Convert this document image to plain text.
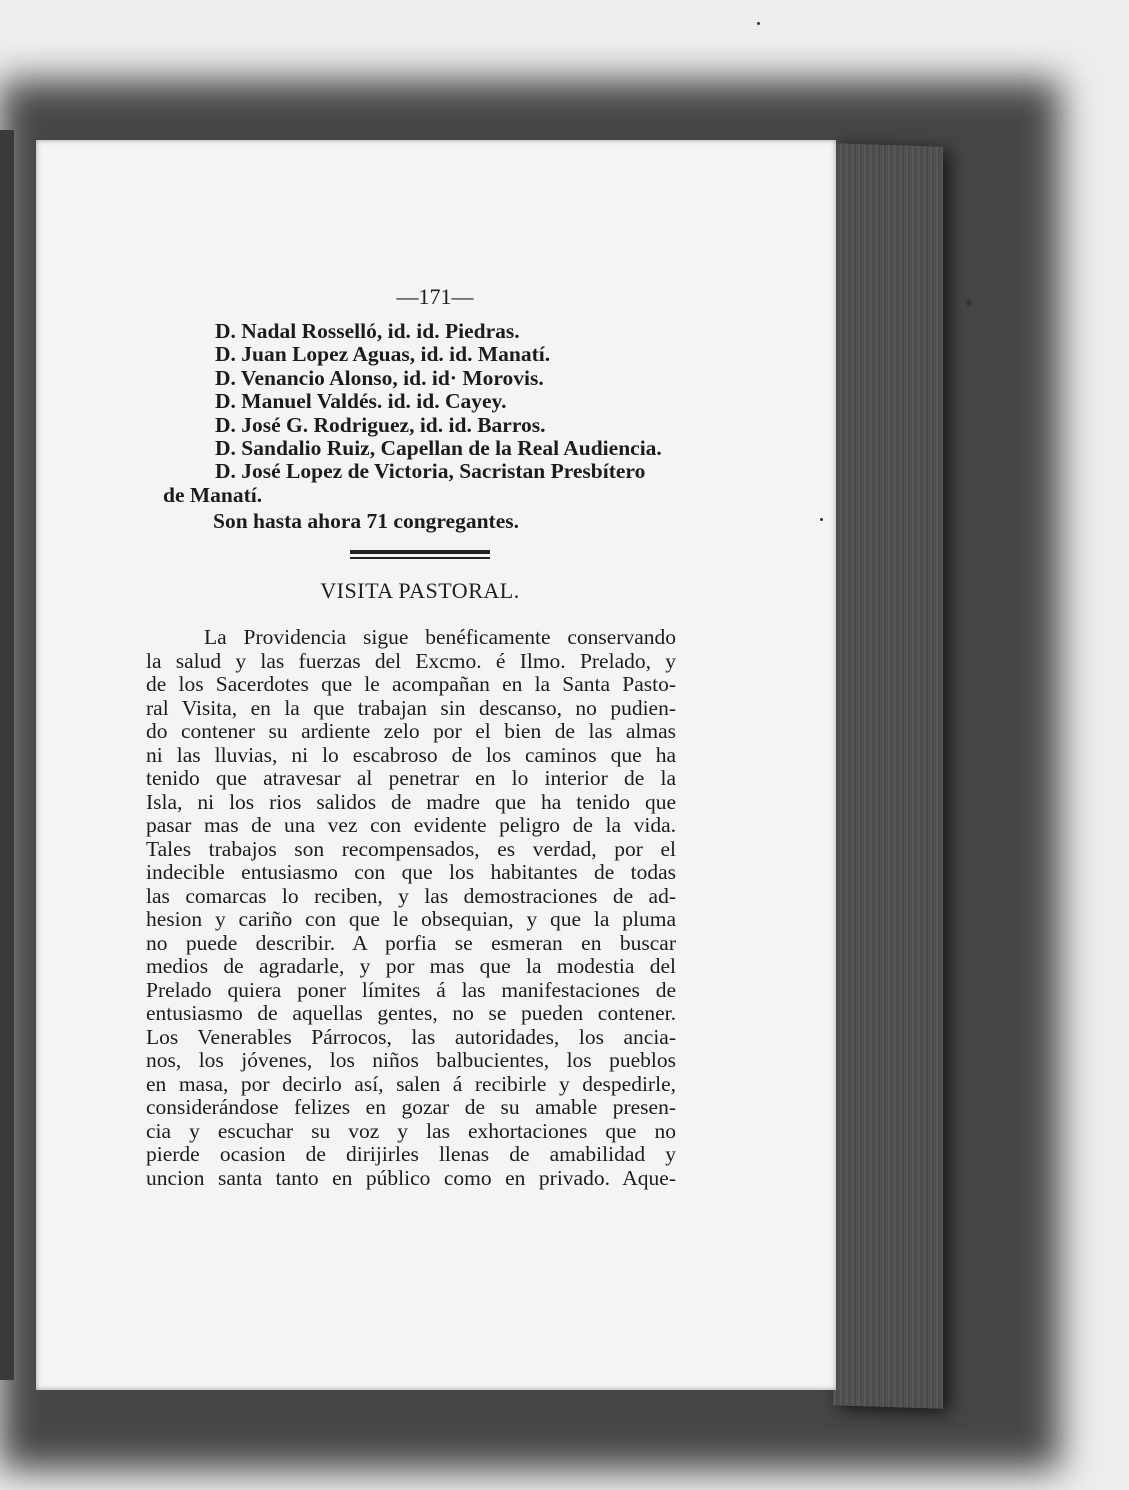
—171—
D. Nadal Rosselló, id. id. Piedras.
D. Juan Lopez Aguas, id. id. Manatí.
D. Venancio Alonso, id. id· Morovis.
D. Manuel Valdés. id. id. Cayey.
D. José G. Rodriguez, id. id. Barros.
D. Sandalio Ruiz, Capellan de la Real Audiencia.
D. José Lopez de Victoria, Sacristan Presbítero
de Manatí.
Son hasta ahora 71 congregantes.
VISITA PASTORAL.
La Providencia sigue benéficamente conservando
la salud y las fuerzas del Excmo. é Ilmo. Prelado, y
de los Sacerdotes que le acompañan en la Santa Pasto-
ral Visita, en la que trabajan sin descanso, no pudien-
do contener su ardiente zelo por el bien de las almas
ni las lluvias, ni lo escabroso de los caminos que ha
tenido que atravesar al penetrar en lo interior de la
Isla, ni los rios salidos de madre que ha tenido que
pasar mas de una vez con evidente peligro de la vida.
Tales trabajos son recompensados, es verdad, por el
indecible entusiasmo con que los habitantes de todas
las comarcas lo reciben, y las demostraciones de ad-
hesion y cariño con que le obsequian, y que la pluma
no puede describir. A porfia se esmeran en buscar
medios de agradarle, y por mas que la modestia del
Prelado quiera poner límites á las manifestaciones de
entusiasmo de aquellas gentes, no se pueden contener.
Los Venerables Párrocos, las autoridades, los ancia-
nos, los jóvenes, los niños balbucientes, los pueblos
en masa, por decirlo así, salen á recibirle y despedirle,
considerándose felizes en gozar de su amable presen-
cia y escuchar su voz y las exhortaciones que no
pierde ocasion de dirijirles llenas de amabilidad y
uncion santa tanto en público como en privado. Aque-
